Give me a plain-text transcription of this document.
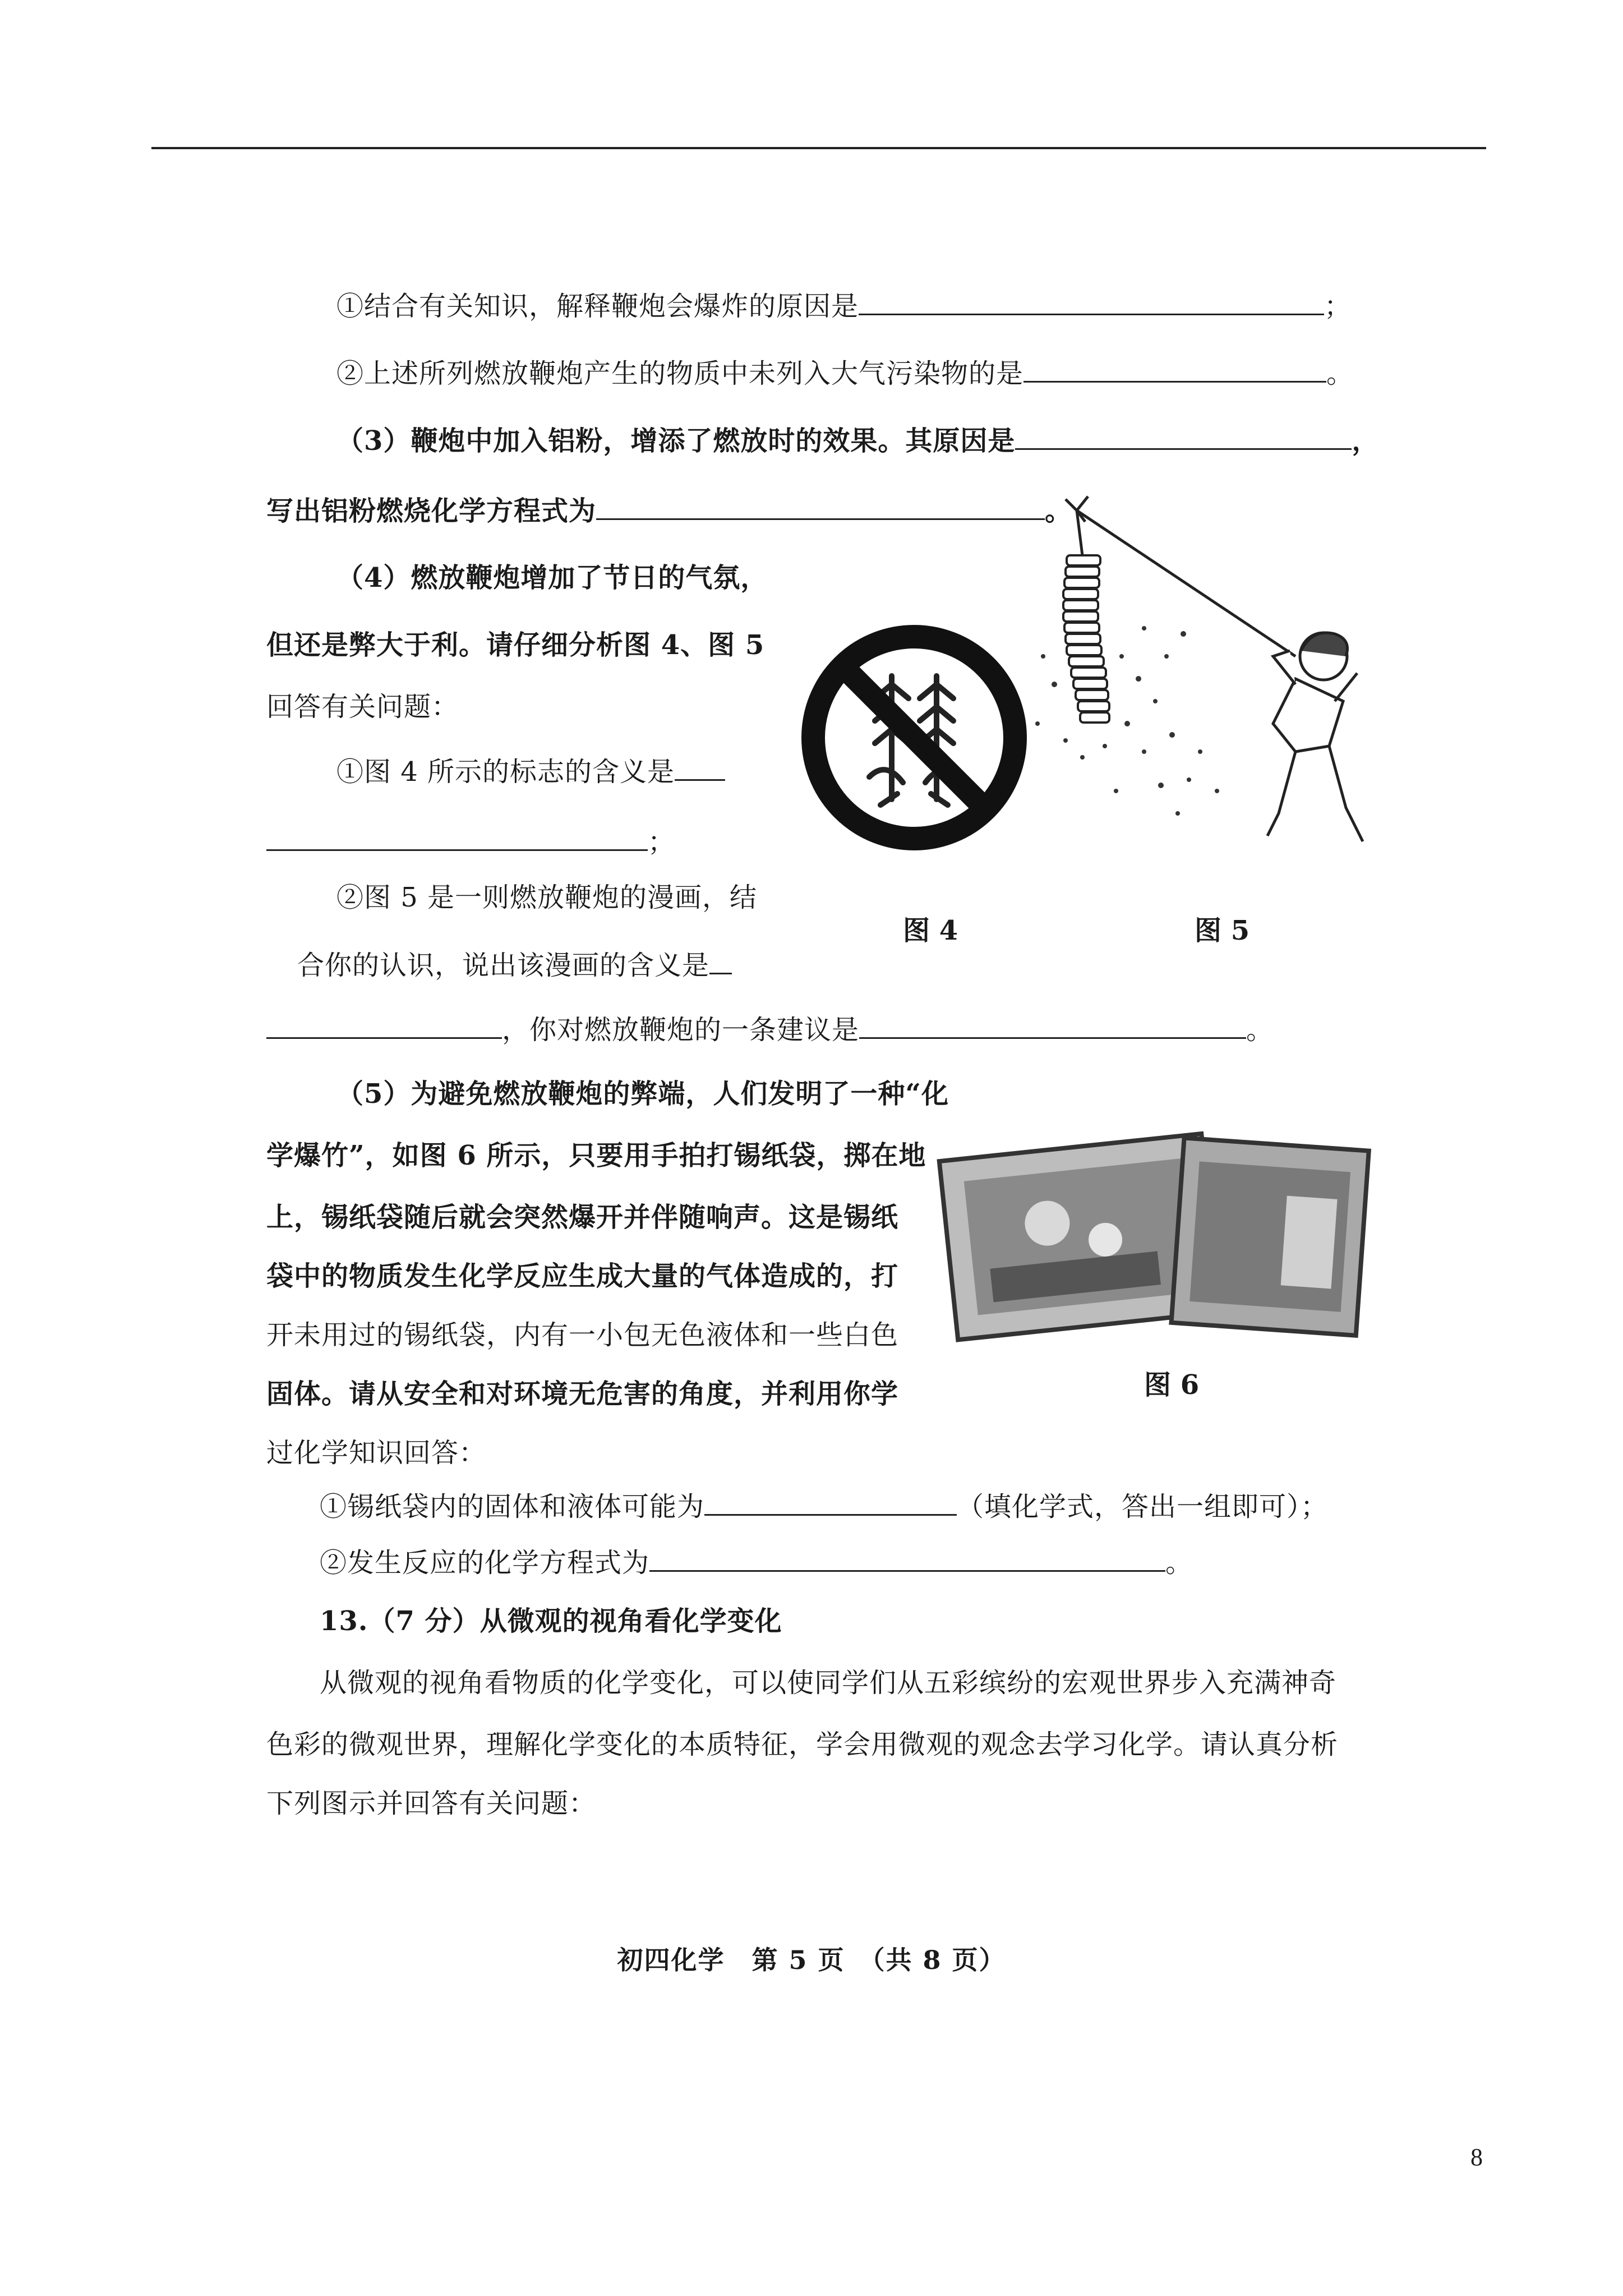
①结合有关知识，解释鞭炮会爆炸的原因是	；
②上述所列燃放鞭炮产生的物质中未列入大气污染物的是	。
（3）鞭炮中加入铝粉，增添了燃放时的效果。其原因是	，
写出铝粉燃烧化学方程式为	。
（4）燃放鞭炮增加了节日的气氛，
但还是弊大于利。请仔细分析图 4、图 5
回答有关问题：
①图 4 所示的标志的含义是
；
②图 5 是一则燃放鞭炮的漫画，结
合你的认识，说出该漫画的含义是
，你对燃放鞭炮的一条建议是	。
图 4	图 5
（5）为避免燃放鞭炮的弊端，人们发明了一种“化
学爆竹”，如图 6 所示，只要用手拍打锡纸袋，掷在地
上，锡纸袋随后就会突然爆开并伴随响声。这是锡纸
袋中的物质发生化学反应生成大量的气体造成的，打
开未用过的锡纸袋，内有一小包无色液体和一些白色
固体。请从安全和对环境无危害的角度，并利用你学
过化学知识回答：
图 6
①锡纸袋内的固体和液体可能为	（填化学式，答出一组即可）；
②发生反应的化学方程式为	。
13.（7 分）从微观的视角看化学变化
从微观的视角看物质的化学变化，可以使同学们从五彩缤纷的宏观世界步入充满神奇
色彩的微观世界，理解化学变化的本质特征，学会用微观的观念去学习化学。请认真分析
下列图示并回答有关问题：
初四化学　第 5 页　（共 8 页）
8
